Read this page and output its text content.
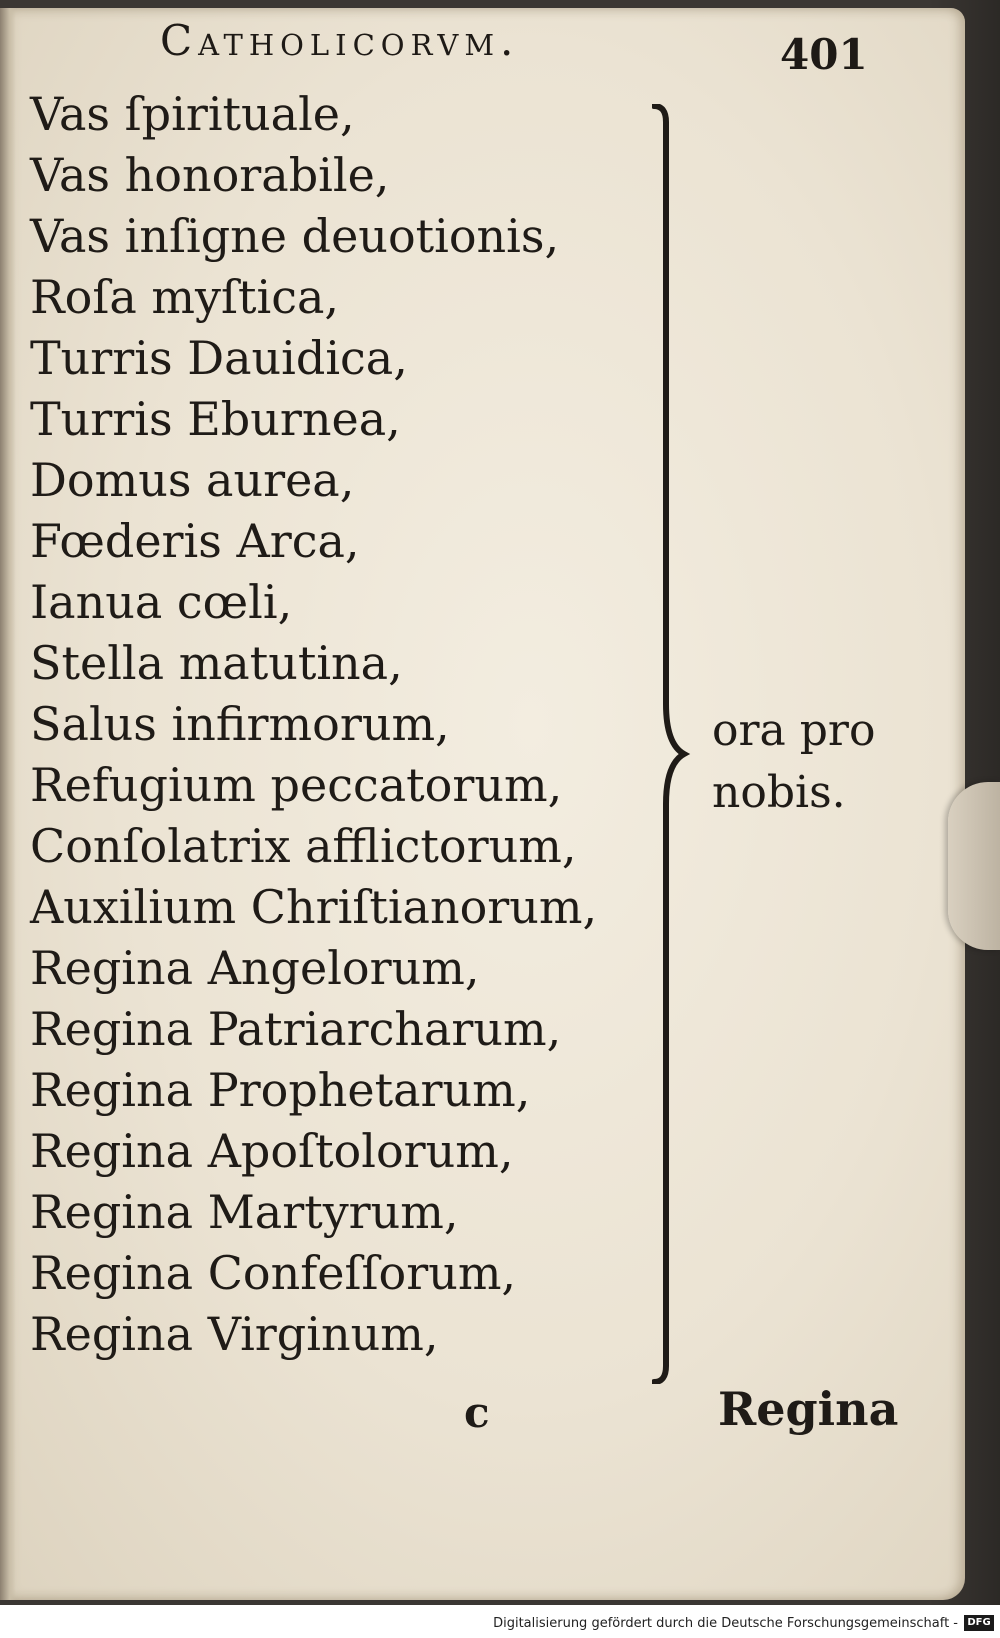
Catholicorvm.	401
Vas ſpirituale,
Vas honorabile,
Vas inſigne deuotionis,
Roſa myſtica,
Turris Dauidica,
Turris Eburnea,
Domus aurea,
Fœderis Arca,
Ianua cœli,
Stella matutina,
Salus infirmorum,
Refugium peccatorum,
Conſolatrix afflictorum,
Auxilium Chriſtianorum,
Regina Angelorum,
Regina Patriarcharum,
Regina Prophetarum,
Regina Apoſtolorum,
Regina Martyrum,
Regina Confeſſorum,
Regina Virginum,
ora pro
nobis.
c	Regina
Digitalisierung gefördert durch die Deutsche Forschungsgemeinschaft - DFG
